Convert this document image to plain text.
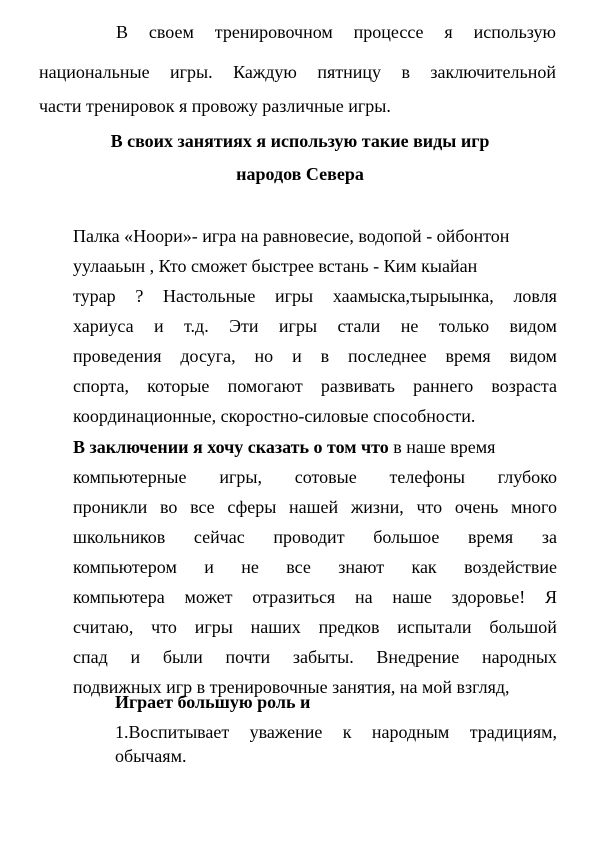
В своем тренировочном процессе я использую
национальные игры. Каждую пятницу в заключительной
части тренировок я провожу различные игры.
В своих занятиях я использую такие виды игр
народов Севера
Палка «Ноори»- игра на равновесие, водопой - ойбонтон
уулааьын , Кто сможет быстрее встань - Ким кыайан
турар ? Настольные игры хаамыска,тырыынка, ловля
хариуса и т.д. Эти игры стали не только видом
проведения досуга, но и в последнее время видом
спорта, которые помогают развивать раннего возраста
координационные, скоростно-силовые способности.
В заключении я хочу сказать о том что в наше время
компьютерные игры, сотовые телефоны глубоко
проникли во все сферы нашей жизни, что очень много
школьников сейчас проводит большое время за
компьютером и не все знают как воздействие
компьютера может отразиться на наше здоровье! Я
считаю, что игры наших предков испытали большой
спад и были почти забыты. Внедрение народных
подвижных игр в тренировочные занятия, на мой взгляд,
Играет большую роль и
1.Воспитывает уважение к народным традициям,
обычаям.
